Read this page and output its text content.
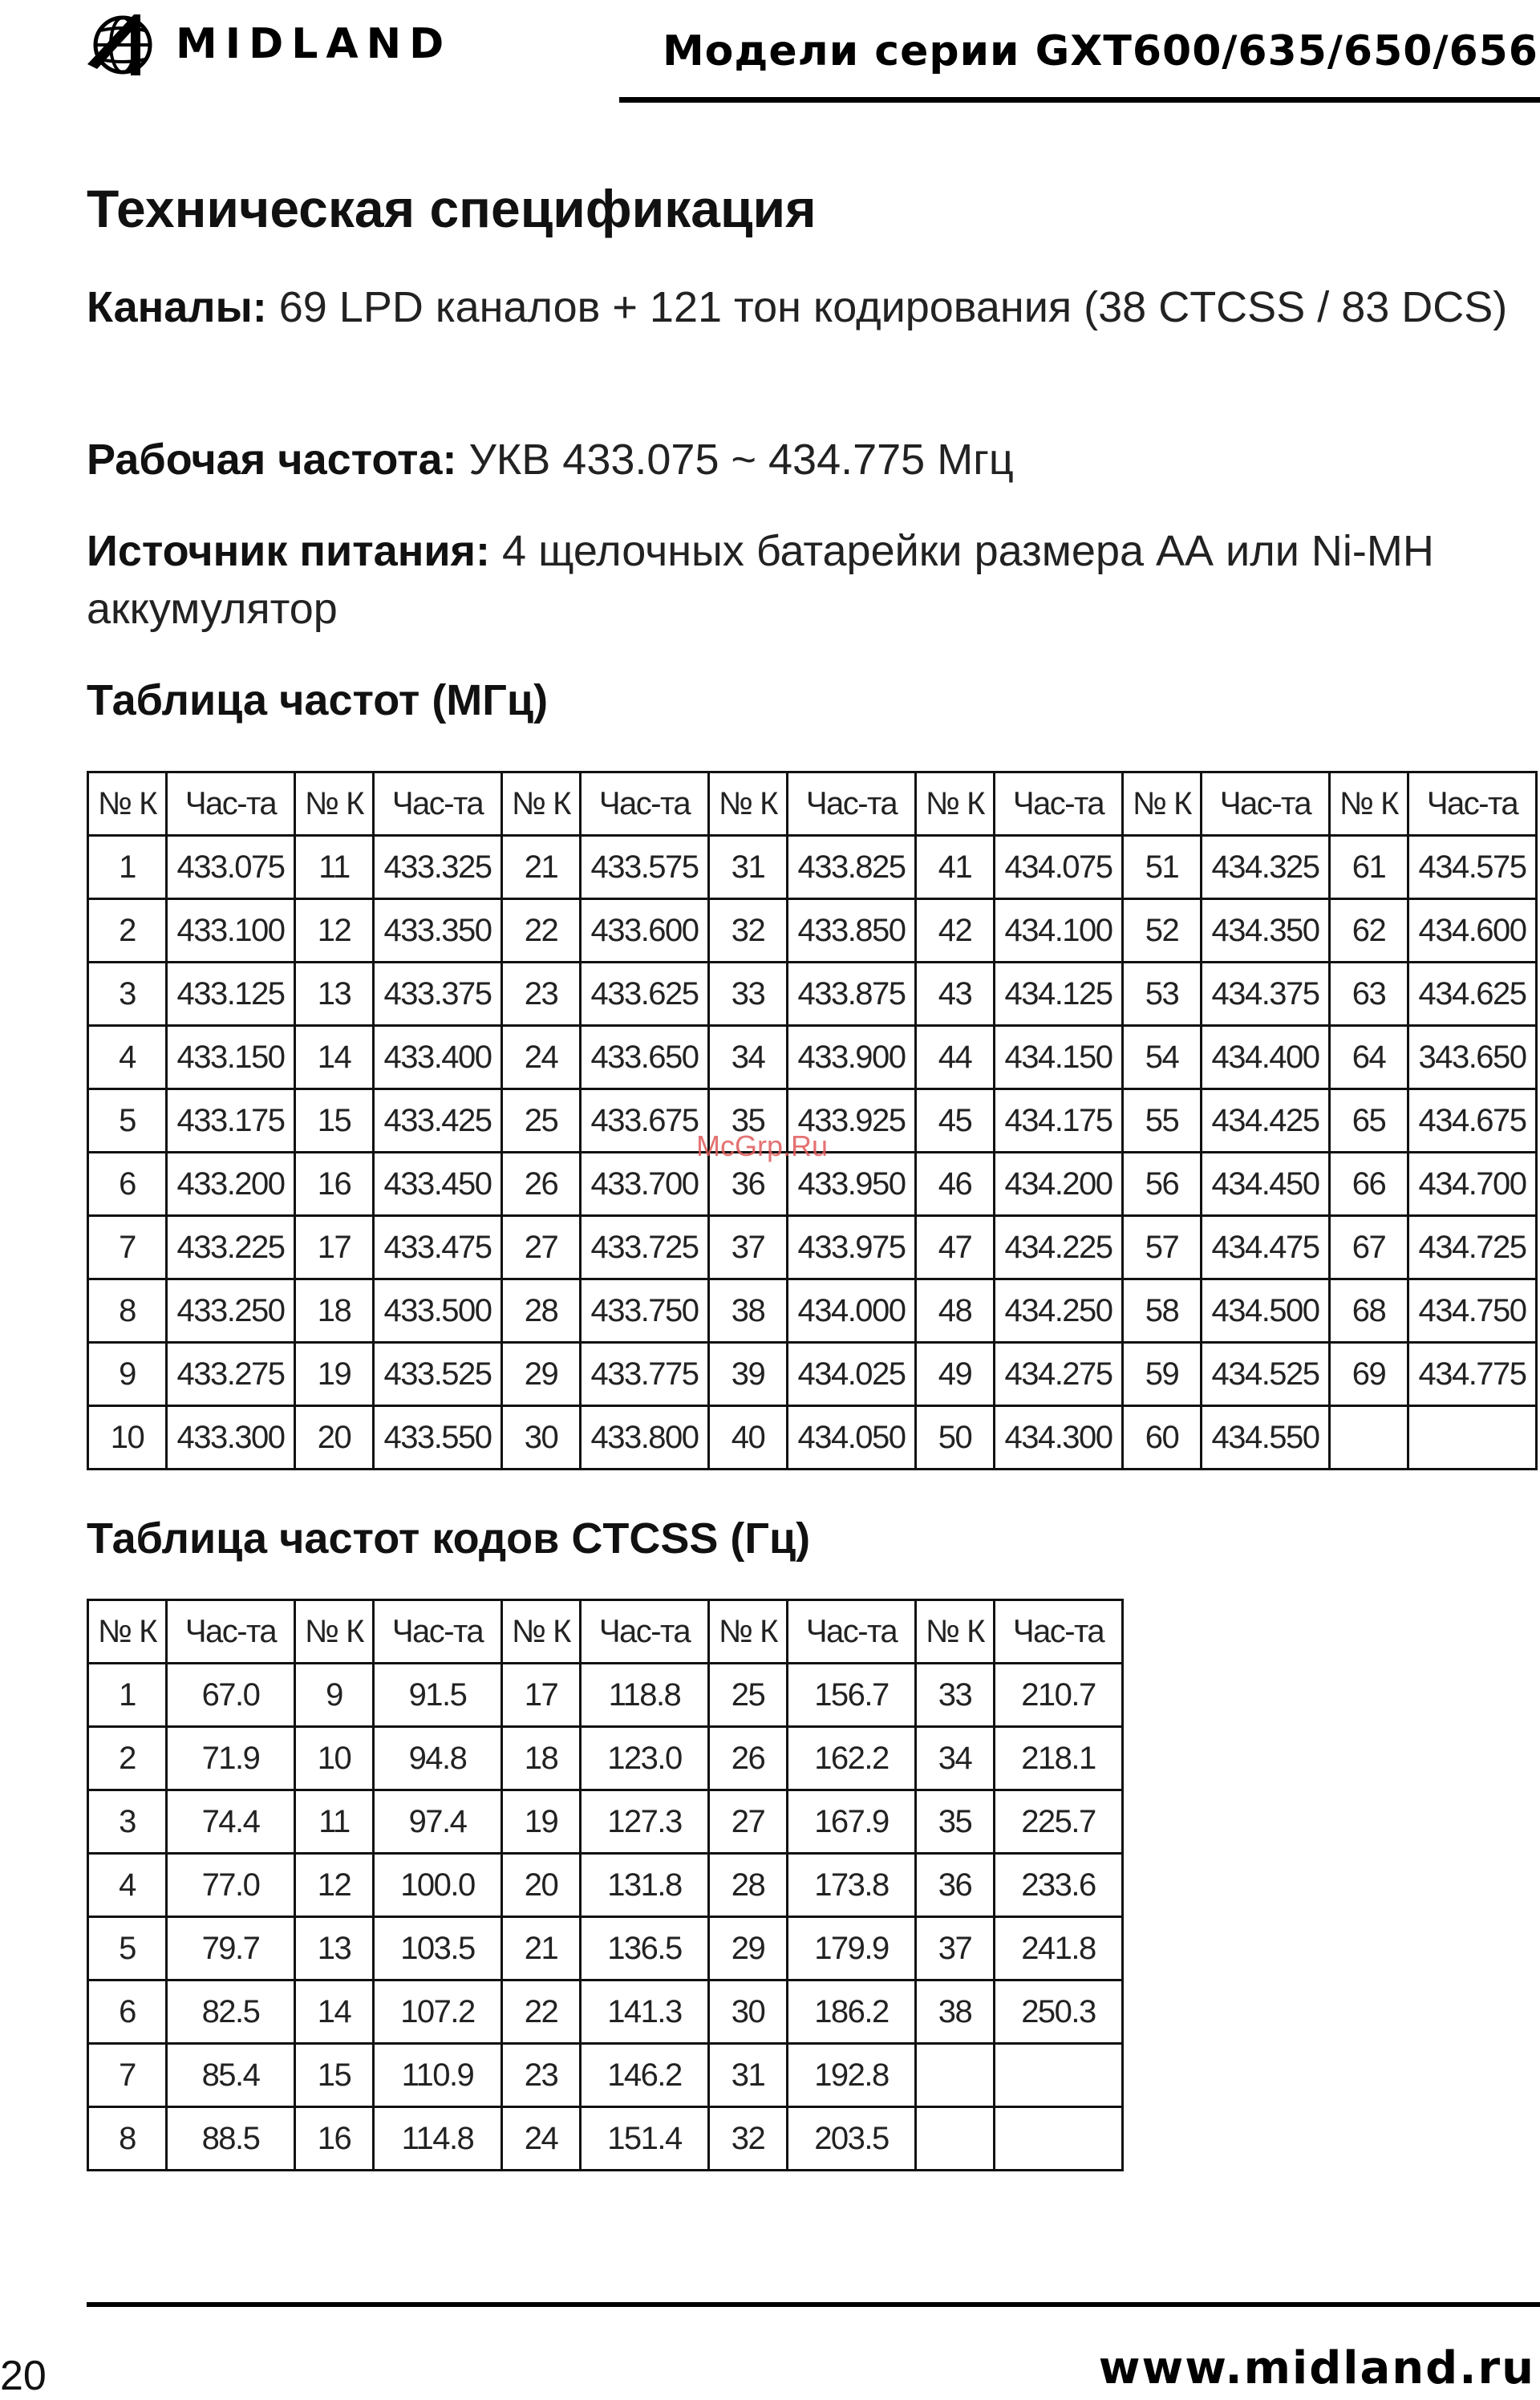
MIDLAND	Модели серии GXT600/635/650/656
Техническая спецификация
Каналы: 69 LPD каналов + 121 тон кодирования (38 CTCSS / 83 DCS)
Рабочая частота: УКВ 433.075 ~ 434.775 Мгц
Источник питания: 4 щелочных батарейки размера АА или Ni-MH аккумулятор
Таблица частот (МГц)
№ К	Час-та	№ К	Час-та	№ К	Час-та	№ К	Час-та	№ К	Час-та	№ К	Час-та	№ К	Час-та
1	433.075	11	433.325	21	433.575	31	433.825	41	434.075	51	434.325	61	434.575
2	433.100	12	433.350	22	433.600	32	433.850	42	434.100	52	434.350	62	434.600
3	433.125	13	433.375	23	433.625	33	433.875	43	434.125	53	434.375	63	434.625
4	433.150	14	433.400	24	433.650	34	433.900	44	434.150	54	434.400	64	343.650
5	433.175	15	433.425	25	433.675	35	433.925	45	434.175	55	434.425	65	434.675
6	433.200	16	433.450	26	433.700	36	433.950	46	434.200	56	434.450	66	434.700
7	433.225	17	433.475	27	433.725	37	433.975	47	434.225	57	434.475	67	434.725
8	433.250	18	433.500	28	433.750	38	434.000	48	434.250	58	434.500	68	434.750
9	433.275	19	433.525	29	433.775	39	434.025	49	434.275	59	434.525	69	434.775
10	433.300	20	433.550	30	433.800	40	434.050	50	434.300	60	434.550		
McGrp.Ru
Таблица частот кодов CTCSS (Гц)
№ К	Час-та	№ К	Час-та	№ К	Час-та	№ К	Час-та	№ К	Час-та
1	67.0	9	91.5	17	118.8	25	156.7	33	210.7
2	71.9	10	94.8	18	123.0	26	162.2	34	218.1
3	74.4	11	97.4	19	127.3	27	167.9	35	225.7
4	77.0	12	100.0	20	131.8	28	173.8	36	233.6
5	79.7	13	103.5	21	136.5	29	179.9	37	241.8
6	82.5	14	107.2	22	141.3	30	186.2	38	250.3
7	85.4	15	110.9	23	146.2	31	192.8		
8	88.5	16	114.8	24	151.4	32	203.5		
20	www.midland.ru
